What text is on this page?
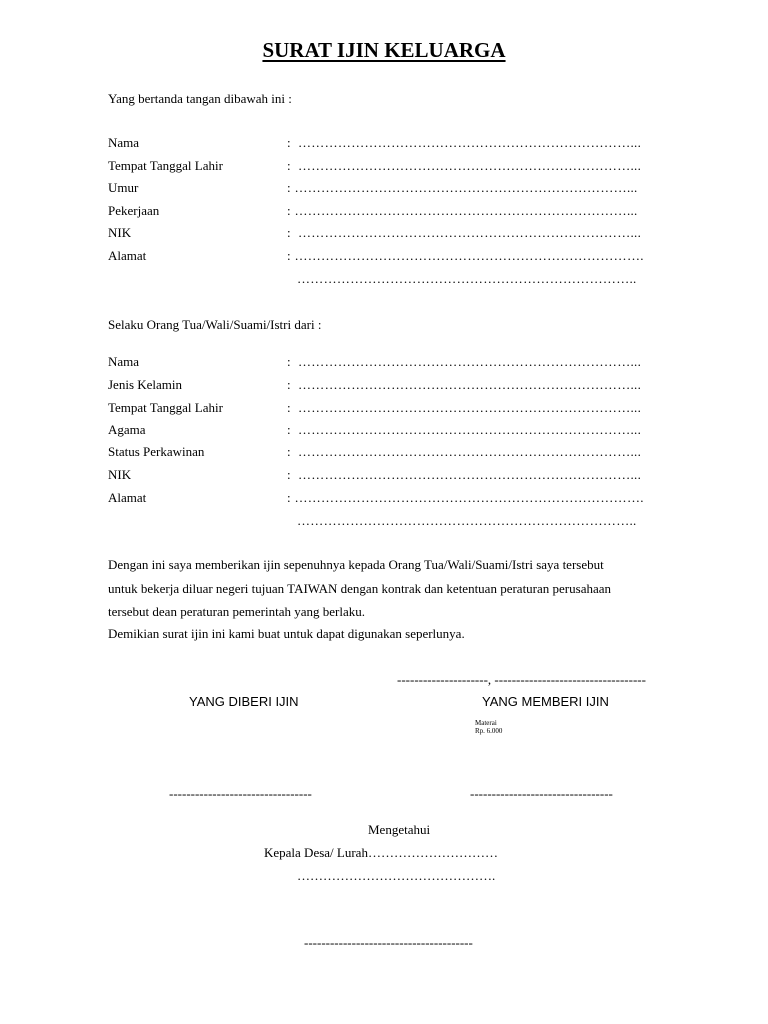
SURAT IJIN KELUARGA
Yang bertanda tangan dibawah ini :
Nama	:  …………………………………………………………………...
Tempat Tanggal Lahir	:  …………………………………………………………………...
Umur	: …………………………………………………………………...
Pekerjaan	: …………………………………………………………………...
NIK	:  …………………………………………………………………...
Alamat	: …………………………………………………………………….
…………………………………………………………………..
Selaku Orang Tua/Wali/Suami/Istri dari :
Nama	:  …………………………………………………………………...
Jenis Kelamin	:  …………………………………………………………………...
Tempat Tanggal Lahir	:  …………………………………………………………………...
Agama	:  …………………………………………………………………...
Status Perkawinan	:  …………………………………………………………………...
NIK	:  …………………………………………………………………...
Alamat	: …………………………………………………………………….
…………………………………………………………………..
Dengan ini saya memberikan ijin sepenuhnya kepada Orang Tua/Wali/Suami/Istri saya tersebut
untuk bekerja diluar negeri tujuan TAIWAN dengan kontrak dan ketentuan peraturan perusahaan
tersebut dean peraturan pemerintah yang berlaku.
Demikian surat ijin ini kami buat untuk dapat digunakan seperlunya.
---------------------, -----------------------------------
YANG DIBERI IJIN	YANG MEMBERI IJIN
Materai
Rp. 6.000
---------------------------------	---------------------------------
Mengetahui
Kepala Desa/ Lurah…………………………
……………………………………….
---------------------------------------
